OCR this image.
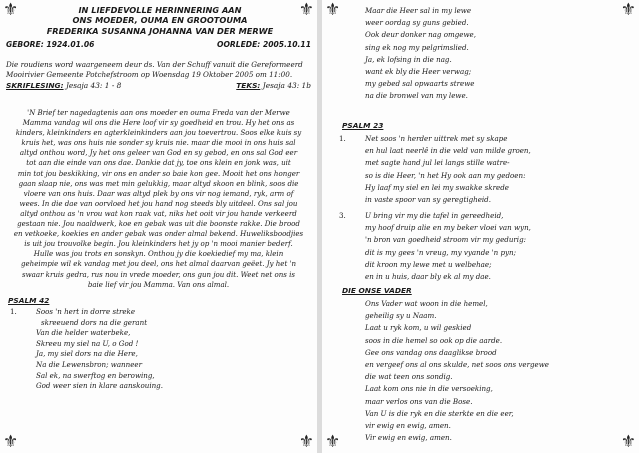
⚜	⚜
⚜	⚜
IN LIEFDEVOLLE HERINNERING AAN
ONS MOEDER, OUMA EN GROOTOUMA
FREDERIKA SUSANNA JOHANNA VAN DER MERWE
GEBORE: 1924.01.06	OORLEDE: 2005.10.11
Die roudiens word waargeneem deur ds. Van der Schuff vanuit die Gereformeerd
Mooirivier Gemeente Potchefstroom op Woensdag 19 Oktober 2005 om 11:00.
SKRIFLESING: Jesaja 43: 1 - 8	TEKS: Jesaja 43: 1b

'N Brief ter nagedagtenis aan ons moeder en ouma Freda van der Merwe

Mamma vandag wil ons die Here loof vir sy goedheid en trou. Hy het ons as

kinders, kleinkinders en agterkleinkinders aan jou toevertrou. Soos elke kuis sy

kruis het, was ons huis nie sonder sy kruis nie. maar die mooi in ons huis sal

altyd onthou word, Jy het ons geleer van God en sy gebod, en ons sal God eer

tot aan die einde van ons dae. Dankie dat jy, toe ons klein en jonk was, uit

min tot jou beskikking, vir ons en ander so baie kon gee. Mooit het ons honger

gaan slaap nie, ons was met min gelukkig, maar altyd skoon en blink, soos die

vloere van ons huis. Daar was altyd plek by ons vir nog iemand, ryk, arm of

wees. In die dae van oorvloed het jou hand nog steeds bly uitdeel. Ons sal jou

altyd onthou as 'n vrou wat kon raak vat, niks het ooit vir jou hande verkeerd

gestaan nie. Jou naaldwerk, koe en gebak was uit die boonste rakke. Die brood

en vetkoeke, koekies en ander gebak was onder almal bekend. Huweliksboodjies

is uit jou trouvolke begin. Jou kleinkinders het jy op 'n mooi manier bederf.

Hulle was jou trots en sonskyn. Onthou jy die koekiedief my ma, klein

geheimpie wil ek vandag met jou deel, ons het almal daarvan geëet. Jy het 'n

swaar kruis gedra, rus nou in vrede moeder, ons gun jou dit. Weet net ons is

baie lief vir jou Mamma. Van ons almal.

PSALM 42
1.	Soos 'n hert in dorre streke
skreeuend dors na die gerant
Van die helder waterbeke,
Skreeu my siel na U, o God !
Ja, my siel dors na die Here,
Na die Lewensbron; wanneer
Sal ek, na swerftog en berowing,
God weer sien in klare aanskouing.
⚜	⚜
⚜	⚜
Maar die Heer sal in my lewe
weer oordag sy guns gebied.
Ook deur donker nag omgewe,
sing ek nog my pelgrimslied.
Ja, ek lofsing in die nag.
want ek bly die Heer verwag;
my gebed sal opwaarts strewe
na die bronwel van my lewe.
PSALM 23
1.	Net soos 'n herder uittrek met sy skape
en hul laat neerlê in die veld van milde groen,
met sagte hand jul lei langs stille watre-
so is die Heer, 'n het Hy ook aan my gedoen:
Hy laaf my siel en lei my swakke skrede
in vaste spoor van sy geregtigheid.
3.	U bring vir my die tafel in gereedheid,
my hoof druip alie en my beker vloei van wyn,
'n bron van goedheid stroom vir my gedurig:
dit is my gees 'n vreug, my vyande 'n pyn;
dit kroon my lewe met u welbehae;
en in u huis, daar bly ek al my dae.
DIE ONSE VADER
Ons Vader wat woon in die hemel,
geheilig sy u Naam.
Laat u ryk kom, u wil geskied
soos in die hemel so ook op die aarde.
Gee ons vandag ons daaglikse brood
en vergeef ons al ons skulde, net soos ons vergewe
die wat teen ons sondig.
Laat kom ons nie in die versoeking,
maar verlos ons van die Bose.
Van U is die ryk en die sterkte en die eer,
vir ewig en ewig, amen.
Vir ewig en ewig, amen.
